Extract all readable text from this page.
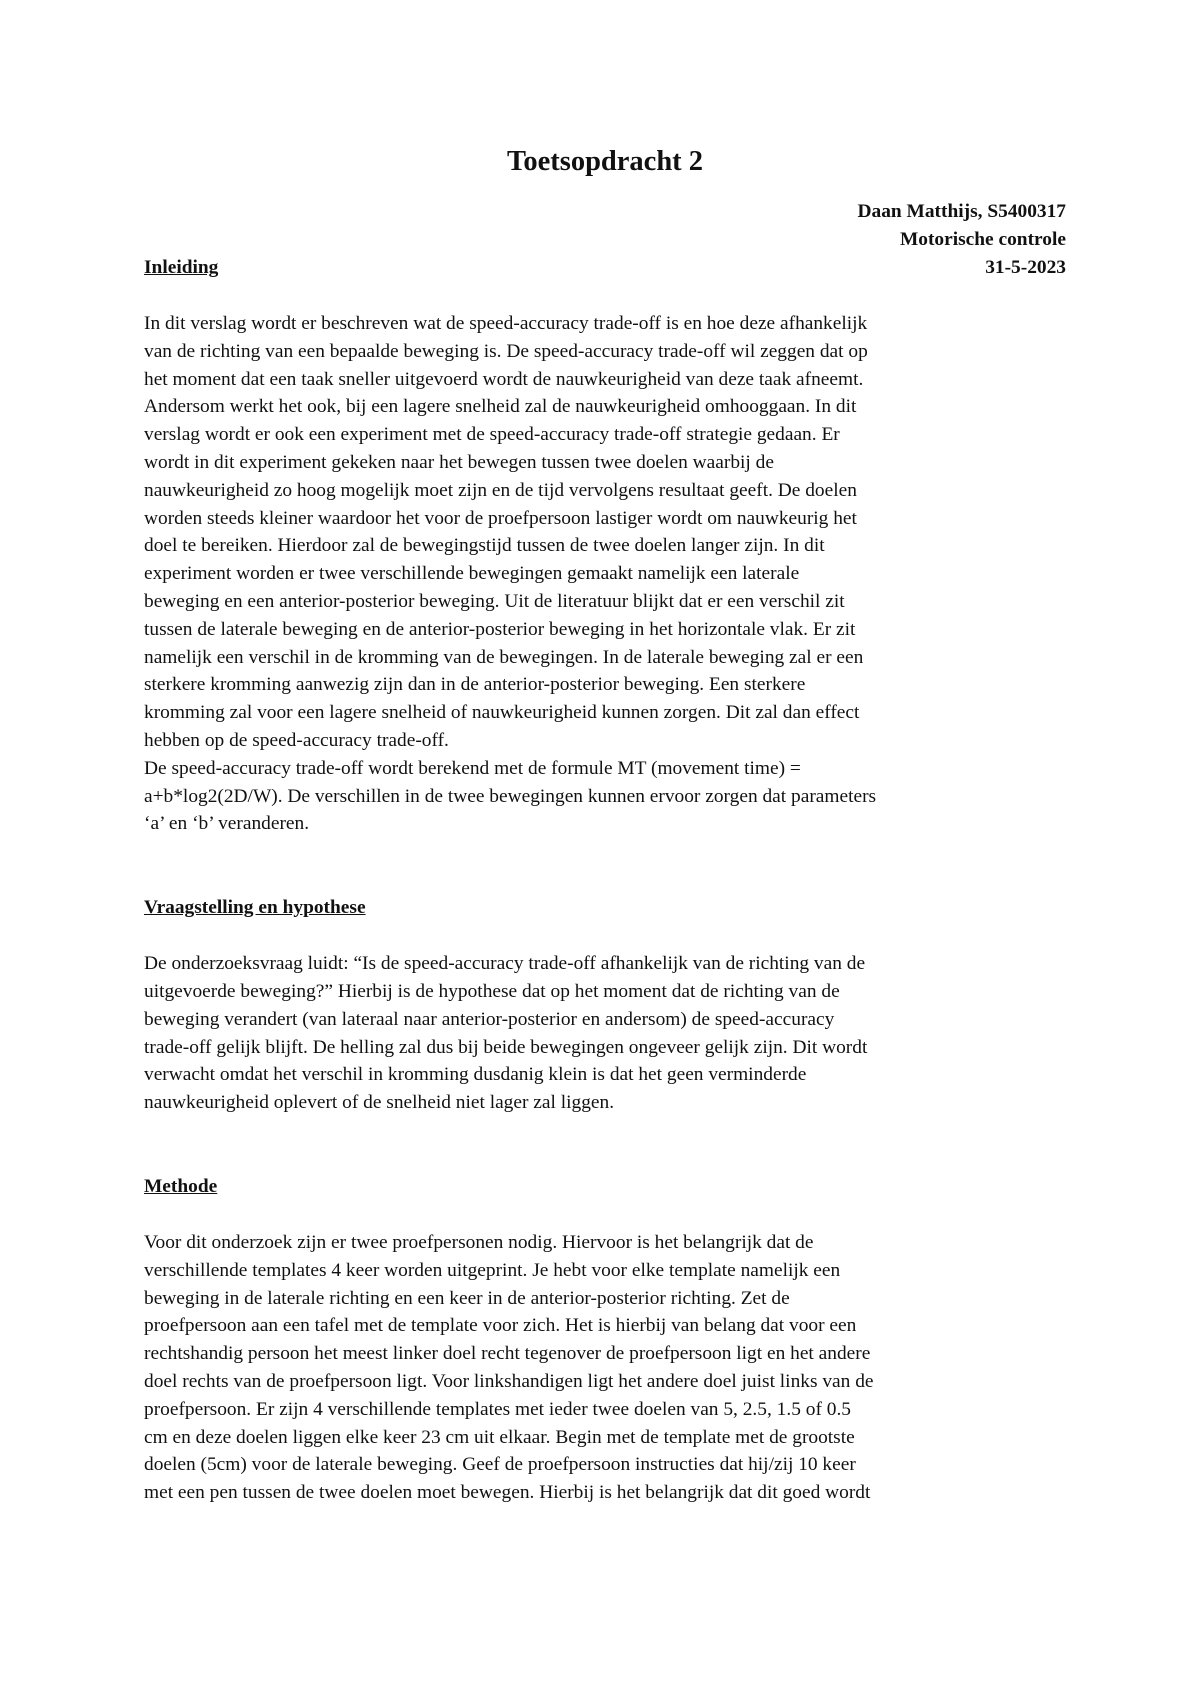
Toetsopdracht 2
Daan Matthijs, S5400317
Motorische controle
31-5-2023
Inleiding
In dit verslag wordt er beschreven wat de speed-accuracy trade-off is en hoe deze afhankelijk
van de richting van een bepaalde beweging is. De speed-accuracy trade-off wil zeggen dat op
het moment dat een taak sneller uitgevoerd wordt de nauwkeurigheid van deze taak afneemt.
Andersom werkt het ook, bij een lagere snelheid zal de nauwkeurigheid omhooggaan. In dit
verslag wordt er ook een experiment met de speed-accuracy trade-off strategie gedaan. Er
wordt in dit experiment gekeken naar het bewegen tussen twee doelen waarbij de
nauwkeurigheid zo hoog mogelijk moet zijn en de tijd vervolgens resultaat geeft. De doelen
worden steeds kleiner waardoor het voor de proefpersoon lastiger wordt om nauwkeurig het
doel te bereiken. Hierdoor zal de bewegingstijd tussen de twee doelen langer zijn. In dit
experiment worden er twee verschillende bewegingen gemaakt namelijk een laterale
beweging en een anterior-posterior beweging. Uit de literatuur blijkt dat er een verschil zit
tussen de laterale beweging en de anterior-posterior beweging in het horizontale vlak. Er zit
namelijk een verschil in de kromming van de bewegingen. In de laterale beweging zal er een
sterkere kromming aanwezig zijn dan in de anterior-posterior beweging. Een sterkere
kromming zal voor een lagere snelheid of nauwkeurigheid kunnen zorgen. Dit zal dan effect
hebben op de speed-accuracy trade-off.
De speed-accuracy trade-off wordt berekend met de formule MT (movement time) =
a+b*log2(2D/W). De verschillen in de twee bewegingen kunnen ervoor zorgen dat parameters
‘a’ en ‘b’ veranderen.
Vraagstelling en hypothese
De onderzoeksvraag luidt: “Is de speed-accuracy trade-off afhankelijk van de richting van de
uitgevoerde beweging?” Hierbij is de hypothese dat op het moment dat de richting van de
beweging verandert (van lateraal naar anterior-posterior en andersom) de speed-accuracy
trade-off gelijk blijft. De helling zal dus bij beide bewegingen ongeveer gelijk zijn. Dit wordt
verwacht omdat het verschil in kromming dusdanig klein is dat het geen verminderde
nauwkeurigheid oplevert of de snelheid niet lager zal liggen.
Methode
Voor dit onderzoek zijn er twee proefpersonen nodig. Hiervoor is het belangrijk dat de
verschillende templates 4 keer worden uitgeprint. Je hebt voor elke template namelijk een
beweging in de laterale richting en een keer in de anterior-posterior richting. Zet de
proefpersoon aan een tafel met de template voor zich. Het is hierbij van belang dat voor een
rechtshandig persoon het meest linker doel recht tegenover de proefpersoon ligt en het andere
doel rechts van de proefpersoon ligt. Voor linkshandigen ligt het andere doel juist links van de
proefpersoon. Er zijn 4 verschillende templates met ieder twee doelen van 5, 2.5, 1.5 of 0.5
cm en deze doelen liggen elke keer 23 cm uit elkaar. Begin met de template met de grootste
doelen (5cm) voor de laterale beweging. Geef de proefpersoon instructies dat hij/zij 10 keer
met een pen tussen de twee doelen moet bewegen. Hierbij is het belangrijk dat dit goed wordt
